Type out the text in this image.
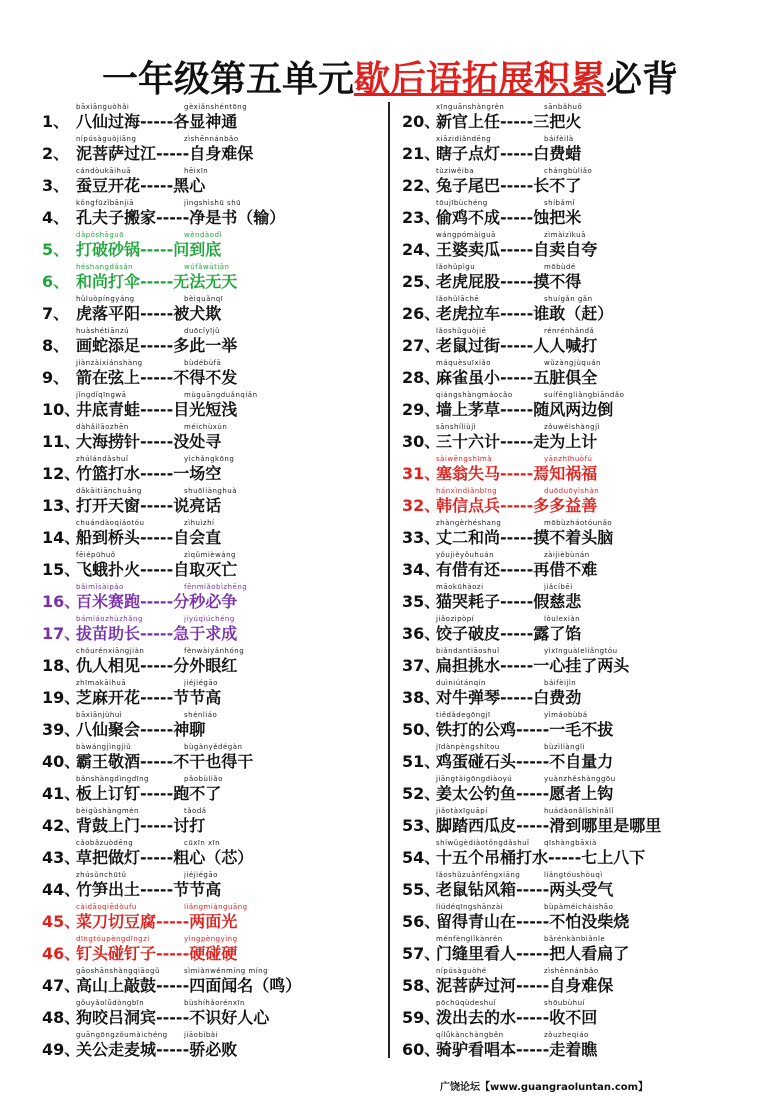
一年级第五单元歇后语拓展积累必背
bāxiānguòhǎi	gèxiǎnshéntōng
1、 八仙过海-----各显神通
nípúsàguòjiāng	zìshēnnánbǎo
2、 泥菩萨过江-----自身难保
cándòukāihuā	hēixīn
3、 蚕豆开花-----黑心
kǒngfūzǐbānjiā	jìngshìshū shū
4、 孔夫子搬家-----净是书（输）
dǎpòshāguō	wèndàodǐ
5、 打破砂锅-----问到底
héshangdǎsǎn	wúfǎwútiān
6、 和尚打伞-----无法无天
hǔluòpíngyáng	bèiquǎnqī
7、 虎落平阳-----被犬欺
huàshétiānzú	duōcǐyījǔ
8、 画蛇添足-----多此一举
jiànzàixiánshàng	bùdébùfā
9、 箭在弦上-----不得不发
jǐngdǐqīngwā	mùguāngduǎnqiǎn
10、井底青蛙-----目光短浅
dàhǎilāozhēn	méichùxún
11、大海捞针-----没处寻
zhúlándǎshuǐ	yìchǎngkōng
12、竹篮打水-----一场空
dǎkāitiānchuāng	shuōliànghuà
13、打开天窗-----说亮话
chuándàoqiáotóu	zìhuìzhí
14、船到桥头-----自会直
fēiépūhuǒ	zìqǔmièwáng
15、飞蛾扑火-----自取灭亡
bǎimǐsàipǎo	fēnmiǎobìzhēng
16、百米赛跑-----分秒必争
bámiáozhùzhǎng	jíyúqiúchéng
17、拔苗助长-----急于求成
chóurénxiāngjiàn	fènwàiyǎnhóng
18、仇人相见-----分外眼红
zhīmakāihuā	jiéjiégāo
19、芝麻开花-----节节高
bāxiānjùhuì	shénliáo
39、八仙聚会-----神聊
bàwángjìngjiǔ	bùgànyědégàn
40、霸王敬酒-----不干也得干
bǎnshàngdìngdīng	pǎobùliǎo
41、板上订钉-----跑不了
bèigǔshàngmén	tǎodǎ
42、背鼓上门-----讨打
cǎobǎzuòdēng	cūxīn xīn
43、草把做灯-----粗心（芯）
zhúsǔnchūtǔ	jiéjiégāo
44、竹笋出土-----节节高
càidāoqiēdòufu	liǎngmiànguāng
45、菜刀切豆腐-----两面光
dīngtóupèngdīngzi	yìngpèngyìng
46、钉头碰钉子-----硬碰硬
gāoshānshàngqiāogǔ	sìmiànwénmíng míng
47、高山上敲鼓-----四面闻名（鸣）
gǒuyǎolǚdòngbīn	bùshíhǎorénxīn
48、狗咬吕洞宾-----不识好人心
guāngōngzǒumàichéng jiāobìbài
49、关公走麦城-----骄必败
xīnguānshàngrèn	sānbǎhuǒ
20、新官上任-----三把火
xiāzidiǎndēng	báifèilà
21、瞎子点灯-----白费蜡
tùziwěiba	chángbùliǎo
22、兔子尾巴-----长不了
tōujībùchéng	shíbǎmǐ
23、偷鸡不成-----蚀把米
wángpómàiguā	zìmàizìkuā
24、王婆卖瓜-----自卖自夸
lǎohǔpìgu	mōbùdé
25、老虎屁股-----摸不得
lǎohǔlāchē	shuígǎn gǎn
26、老虎拉车-----谁敢（赶）
lǎoshǔguòjiē	rénrénhǎndǎ
27、老鼠过街-----人人喊打
máquèsuīxiǎo	wǔzàngjùquán
28、麻雀虽小-----五脏俱全
qiángshàngmáocǎo	suífēngliǎngbiāndǎo
29、墙上茅草-----随风两边倒
sānshíliùjì	zǒuwéishàngjì
30、三十六计-----走为上计
sàiwēngshīmǎ	yānzhīhuòfú
31、塞翁失马-----焉知祸福
hánxìndiǎnbīng	duōduōyìshàn
32、韩信点兵-----多多益善
zhàngèrhéshang	mōbùzháotóunǎo
33、丈二和尚-----摸不着头脑
yǒujièyǒuhuán	zàijièbùnán
34、有借有还-----再借不难
māokūhàozi	jiǎcíbēi
35、猫哭耗子-----假慈悲
jiǎozipòpí	lòulexiàn
36、饺子破皮-----露了馅
biǎndantiāoshuǐ	yìxīnguàleliǎngtóu
37、扁担挑水-----一心挂了两头
duìniútánqín	báifèijìn
38、对牛弹琴-----白费劲
tiědǎdegōngjī	yìmáobùbá
50、铁打的公鸡-----一毛不拔
jīdànpèngshítou	bùzìliànglì
51、鸡蛋碰石头-----不自量力
jiāngtàigōngdiàoyú	yuànzhěshànggōu
52、姜太公钓鱼-----愿者上钩
jiǎotàxīguāpí	huádàonǎlǐshìnǎlǐ
53、脚踏西瓜皮-----滑到哪里是哪里
shíwǔgèdiàotǒngdǎshuǐ qīshàngbāxià
54、十五个吊桶打水-----七上八下
lǎoshǔzuānfēngxiāng	liǎngtóushòuqì
55、老鼠钻风箱-----两头受气
liúdéqīngshānzài	bùpàméicháishāo
56、留得青山在-----不怕没柴烧
ménfènglǐkànrén	bǎrénkànbiǎnle
57、门缝里看人-----把人看扁了
nípúsàguòhé	zìshēnnánbǎo
58、泥菩萨过河-----自身难保
pōchūqùdeshuǐ	shōubùhuí
59、泼出去的水-----收不回
qílǘkànchàngběn	zǒuzheqiáo
60、骑驴看唱本-----走着瞧
广饶论坛【www.guangraoluntan.com】
